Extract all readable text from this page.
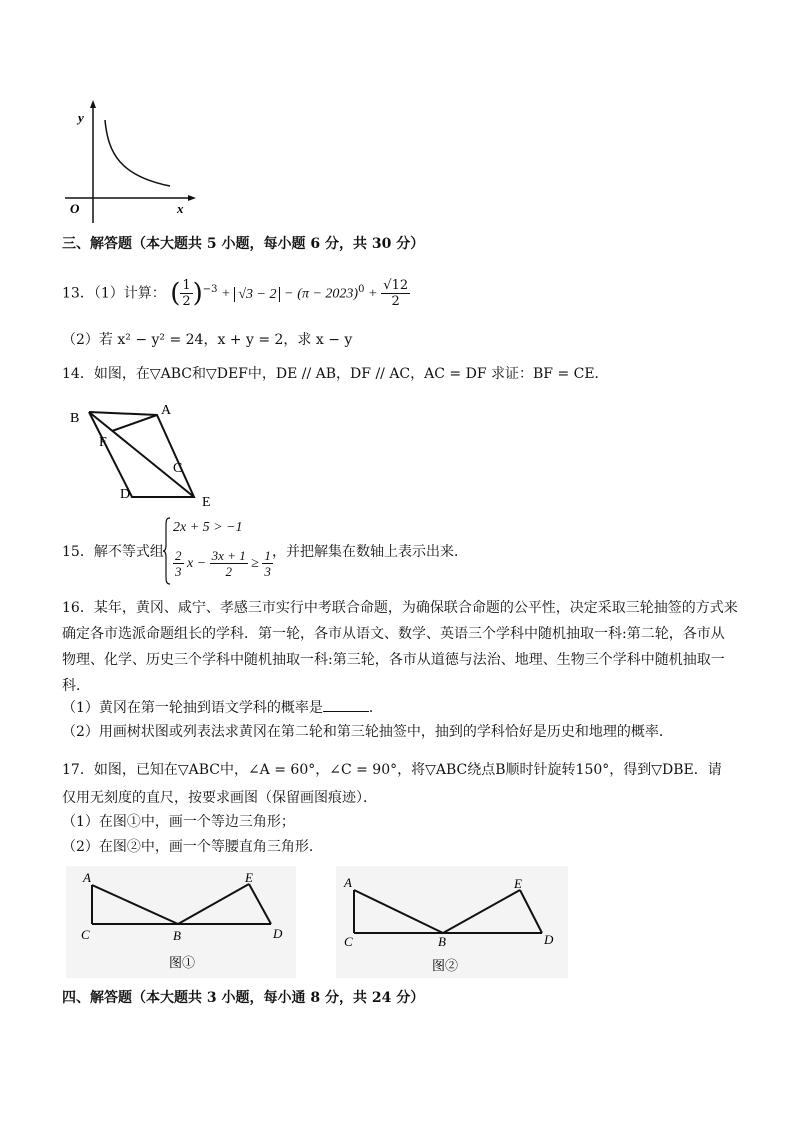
y
x
O
三、解答题（本大题共 5 小题，每小题 6 分，共 30 分）
13．（1）计算： ( $\frac{1}{2} )^{-3} + √3 - 2 - (\pi - 2023)^0 + \frac{√12}{2}$
（2）若 x² − y² = 24，x + y = 2，求 x − y
14．如图，在▽ABC和▽DEF中，DE // AB，DF // AC，AC = DF 求证：BF = CE．
B
A
F
C
D
E
15．解不等式组
2x + 5 > −1
$\frac{2}{3}$ $x - \frac{3x + 1}{2} \ge \frac{1}{3}$ ，并把解集在数轴上表示出来．
16．某年，黄冈、咸宁、孝感三市实行中考联合命题，为确保联合命题的公平性，决定采取三轮抽签的方式来
确定各市选派命题组长的学科．第一轮，各市从语文、数学、英语三个学科中随机抽取一科:第二轮，各市从
物理、化学、历史三个学科中随机抽取一科:第三轮，各市从道德与法治、地理、生物三个学科中随机抽取一
科．
（1）黄冈在第一轮抽到语文学科的概率是	．
（2）用画树状图或列表法求黄冈在第二轮和第三轮抽签中，抽到的学科恰好是历史和地理的概率．
17．如图，已知在▽ABC中，∠A = 60°，∠C = 90°，将▽ABC绕点B顺时针旋转150°，得到▽DBE．请
仅用无刻度的直尺，按要求画图（保留画图痕迹）．
（1）在图①中，画一个等边三角形；
（2）在图②中，画一个等腰直角三角形．
A
C	B
E
D
图①
A
C	B
E
D
图②
四、解答题（本大题共 3 小题，每小通 8 分，共 24 分）
